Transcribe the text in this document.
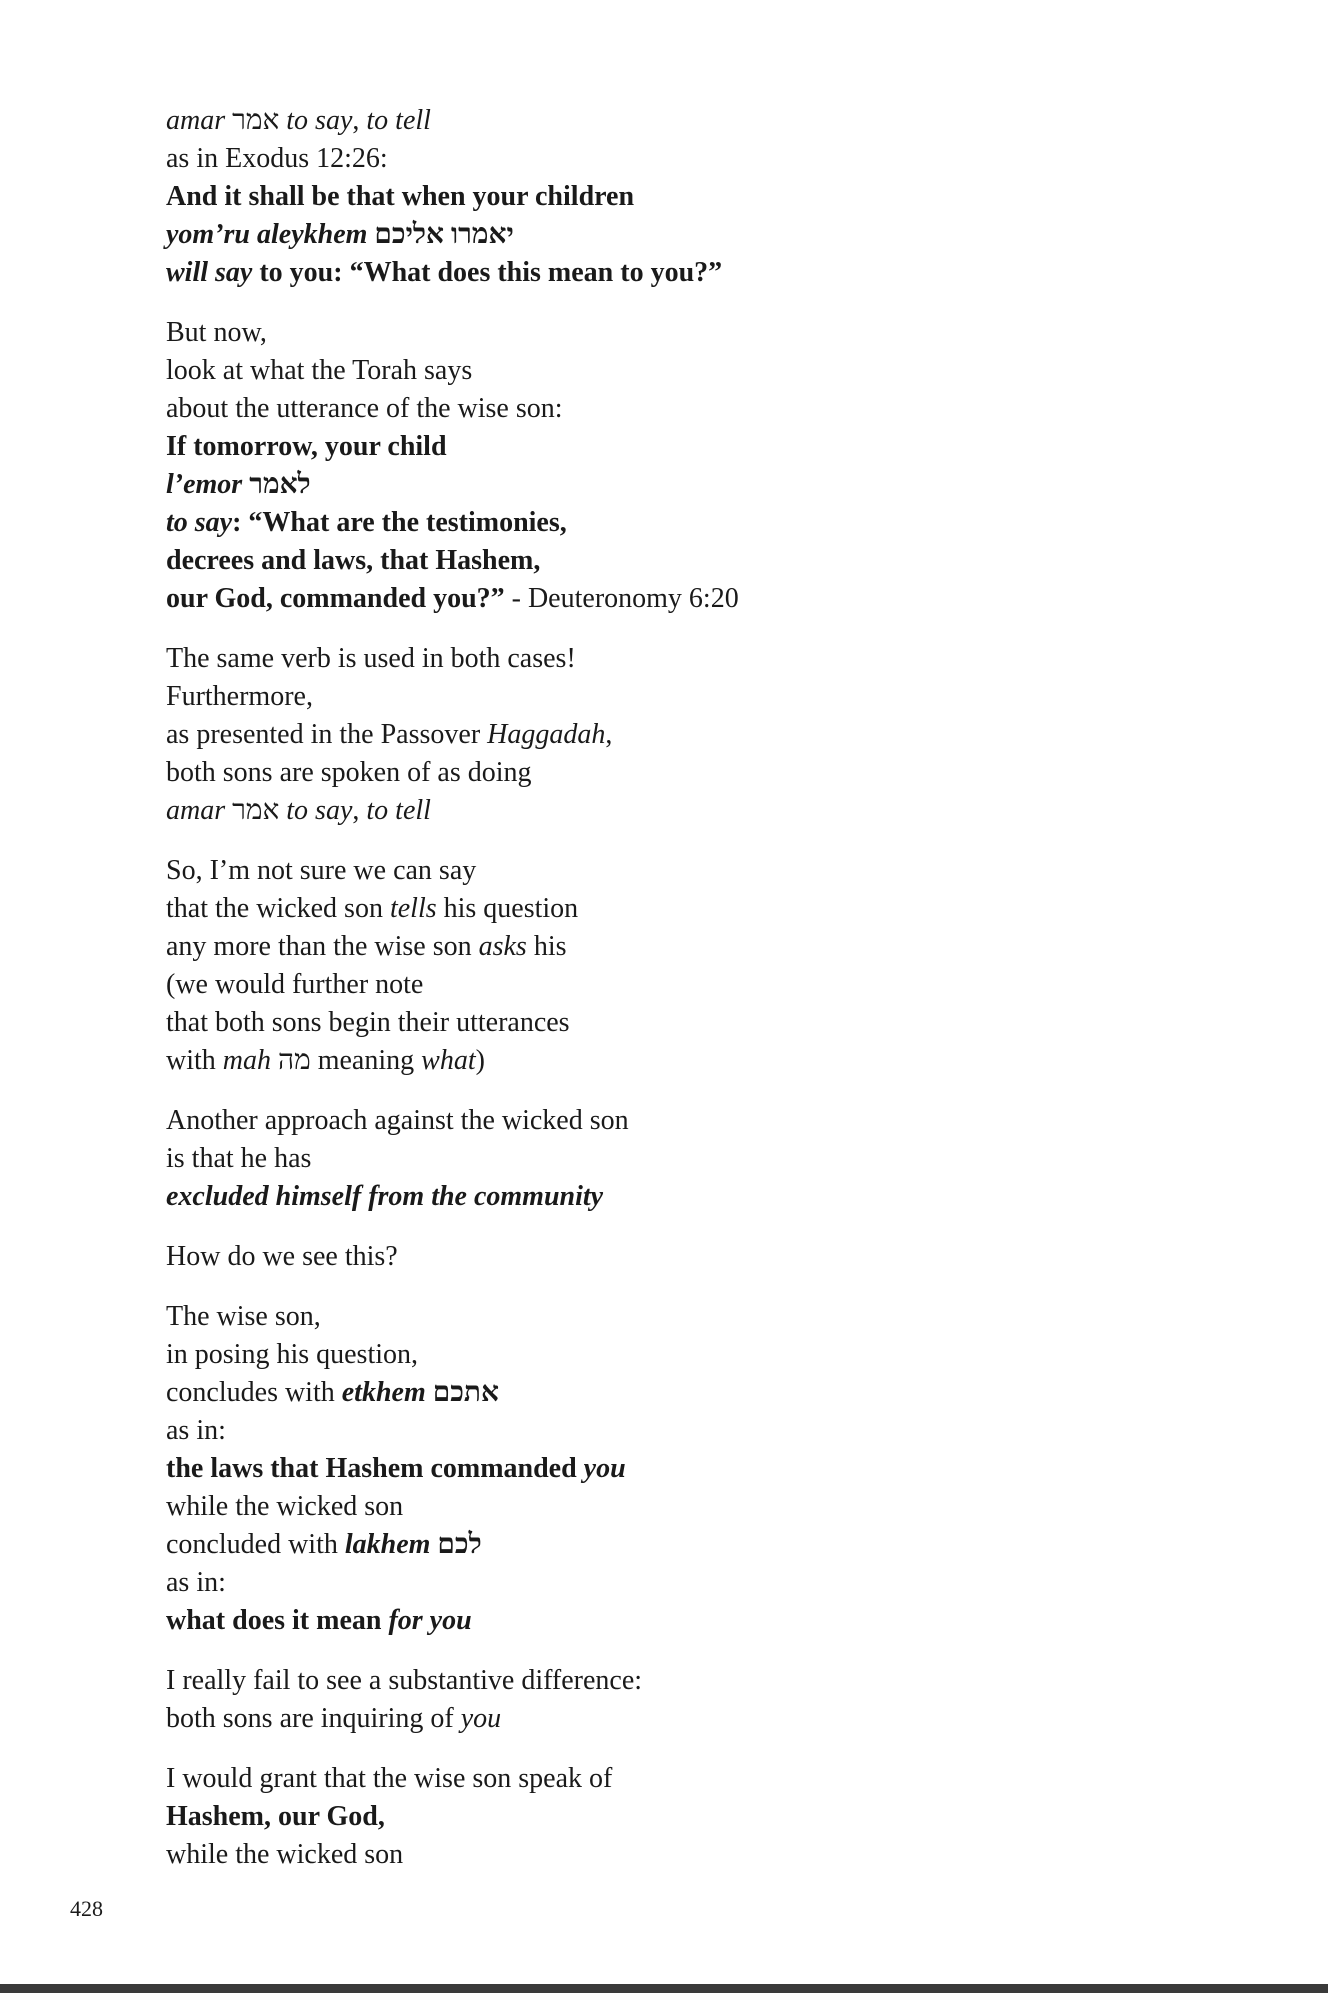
amar אמר to say, to tell
as in Exodus 12:26:
And it shall be that when your children
yom’ru aleykhem יאמרו אליכם
will say to you: “What does this mean to you?”
But now,
look at what the Torah says
about the utterance of the wise son:
If tomorrow, your child
l’emor לאמר
to say: “What are the testimonies,
decrees and laws, that Hashem,
our God, commanded you?” - Deuteronomy 6:20
The same verb is used in both cases!
Furthermore,
as presented in the Passover Haggadah,
both sons are spoken of as doing
amar אמר to say, to tell
So, I’m not sure we can say
that the wicked son tells his question
any more than the wise son asks his
(we would further note
that both sons begin their utterances
with mah מה meaning what)
Another approach against the wicked son
is that he has
excluded himself from the community
How do we see this?
The wise son,
in posing his question,
concludes with etkhem אתכם
as in:
the laws that Hashem commanded you
while the wicked son
concluded with lakhem לכם
as in:
what does it mean for you
I really fail to see a substantive difference:
both sons are inquiring of you
I would grant that the wise son speak of
Hashem, our God,
while the wicked son
428
